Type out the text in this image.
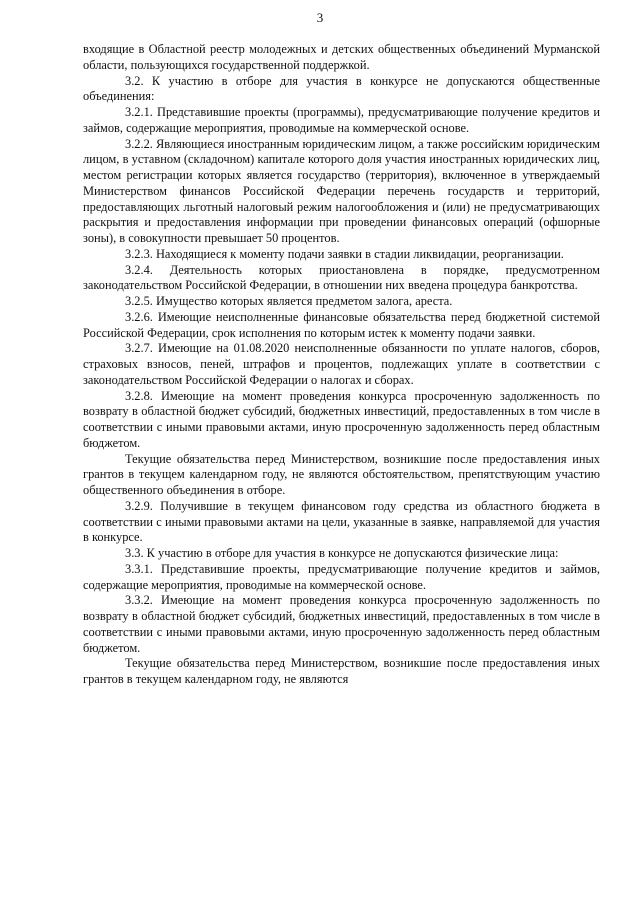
3

входящие в Областной реестр молодежных и детских общественных объединений Мурманской области, пользующихся государственной поддержкой.

3.2. К участию в отборе для участия в конкурсе не допускаются общественные объединения:

3.2.1. Представившие проекты (программы), предусматривающие получение кредитов и займов, содержащие мероприятия, проводимые на коммерческой основе.

3.2.2. Являющиеся иностранным юридическим лицом, а также российским юридическим лицом, в уставном (складочном) капитале которого доля участия иностранных юридических лиц, местом регистрации которых является государство (территория), включенное в утверждаемый Министерством финансов Российской Федерации перечень государств и территорий, предоставляющих льготный налоговый режим налогообложения и (или) не предусматривающих раскрытия и предоставления информации при проведении финансовых операций (офшорные зоны), в совокупности превышает 50 процентов.

3.2.3. Находящиеся к моменту подачи заявки в стадии ликвидации, реорганизации.

3.2.4. Деятельность которых приостановлена в порядке, предусмотренном законодательством Российской Федерации, в отношении них введена процедура банкротства.

3.2.5. Имущество которых является предметом залога, ареста.

3.2.6. Имеющие неисполненные финансовые обязательства перед бюджетной системой Российской Федерации, срок исполнения по которым истек к моменту подачи заявки.

3.2.7. Имеющие на 01.08.2020 неисполненные обязанности по уплате налогов, сборов, страховых взносов, пеней, штрафов и процентов, подлежащих уплате в соответствии с законодательством Российской Федерации о налогах и сборах.

3.2.8. Имеющие на момент проведения конкурса просроченную задолженность по возврату в областной бюджет субсидий, бюджетных инвестиций, предоставленных в том числе в соответствии с иными правовыми актами, иную просроченную задолженность перед областным бюджетом.

Текущие обязательства перед Министерством, возникшие после предоставления иных грантов в текущем календарном году, не являются обстоятельством, препятствующим участию общественного объединения в отборе.

3.2.9. Получившие в текущем финансовом году средства из областного бюджета в соответствии с иными правовыми актами на цели, указанные в заявке, направляемой для участия в конкурсе.

3.3. К участию в отборе для участия в конкурсе не допускаются физические лица:

3.3.1. Представившие проекты, предусматривающие получение кредитов и займов, содержащие мероприятия, проводимые на коммерческой основе.

3.3.2. Имеющие на момент проведения конкурса просроченную задолженность по возврату в областной бюджет субсидий, бюджетных инвестиций, предоставленных в том числе в соответствии с иными правовыми актами, иную просроченную задолженность перед областным бюджетом.

Текущие обязательства перед Министерством, возникшие после предоставления иных грантов в текущем календарном году, не являются
